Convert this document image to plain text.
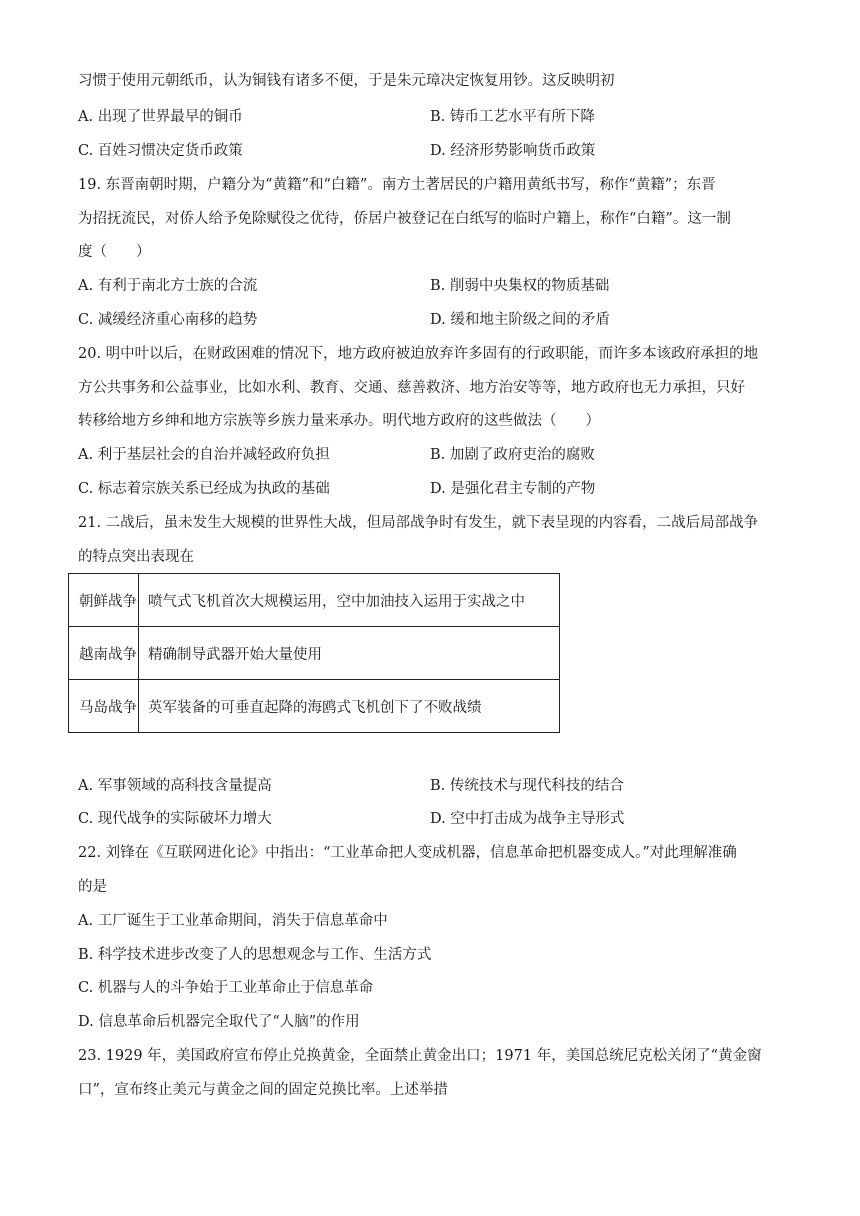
习惯于使用元朝纸币，认为铜钱有诸多不便，于是朱元璋决定恢复用钞。这反映明初
A. 出现了世界最早的铜币	B. 铸币工艺水平有所下降
C. 百姓习惯决定货币政策	D. 经济形势影响货币政策
19. 东晋南朝时期，户籍分为“黄籍”和“白籍”。南方土著居民的户籍用黄纸书写，称作“黄籍”；东晋
为招抚流民，对侨人给予免除赋役之优待，侨居户被登记在白纸写的临时户籍上，称作“白籍”。这一制
度（　　）
A. 有利于南北方士族的合流	B. 削弱中央集权的物质基础
C. 减缓经济重心南移的趋势	D. 缓和地主阶级之间的矛盾
20. 明中叶以后，在财政困难的情况下，地方政府被迫放弃许多固有的行政职能，而许多本该政府承担的地
方公共事务和公益事业，比如水利、教育、交通、慈善救济、地方治安等等，地方政府也无力承担，只好
转移给地方乡绅和地方宗族等乡族力量来承办。明代地方政府的这些做法（　　）
A. 利于基层社会的自治并减轻政府负担	B. 加剧了政府吏治的腐败
C. 标志着宗族关系已经成为执政的基础	D. 是强化君主专制的产物
21. 二战后，虽未发生大规模的世界性大战，但局部战争时有发生，就下表呈现的内容看，二战后局部战争
的特点突出表现在
朝鲜战争	喷气式飞机首次大规模运用，空中加油技入运用于实战之中
越南战争	精确制导武器开始大量使用
马岛战争	英军装备的可垂直起降的海鸥式飞机创下了不败战绩
A. 军事领域的高科技含量提高	B. 传统技术与现代科技的结合
C. 现代战争的实际破坏力增大	D. 空中打击成为战争主导形式
22. 刘锋在《互联网进化论》中指出：“工业革命把人变成机器，信息革命把机器变成人。”对此理解准确
的是
A. 工厂诞生于工业革命期间，消失于信息革命中
B. 科学技术进步改变了人的思想观念与工作、生活方式
C. 机器与人的斗争始于工业革命止于信息革命
D. 信息革命后机器完全取代了“人脑”的作用
23. 1929 年，美国政府宣布停止兑换黄金，全面禁止黄金出口；1971 年，美国总统尼克松关闭了“黄金窗
口”，宣布终止美元与黄金之间的固定兑换比率。上述举措
